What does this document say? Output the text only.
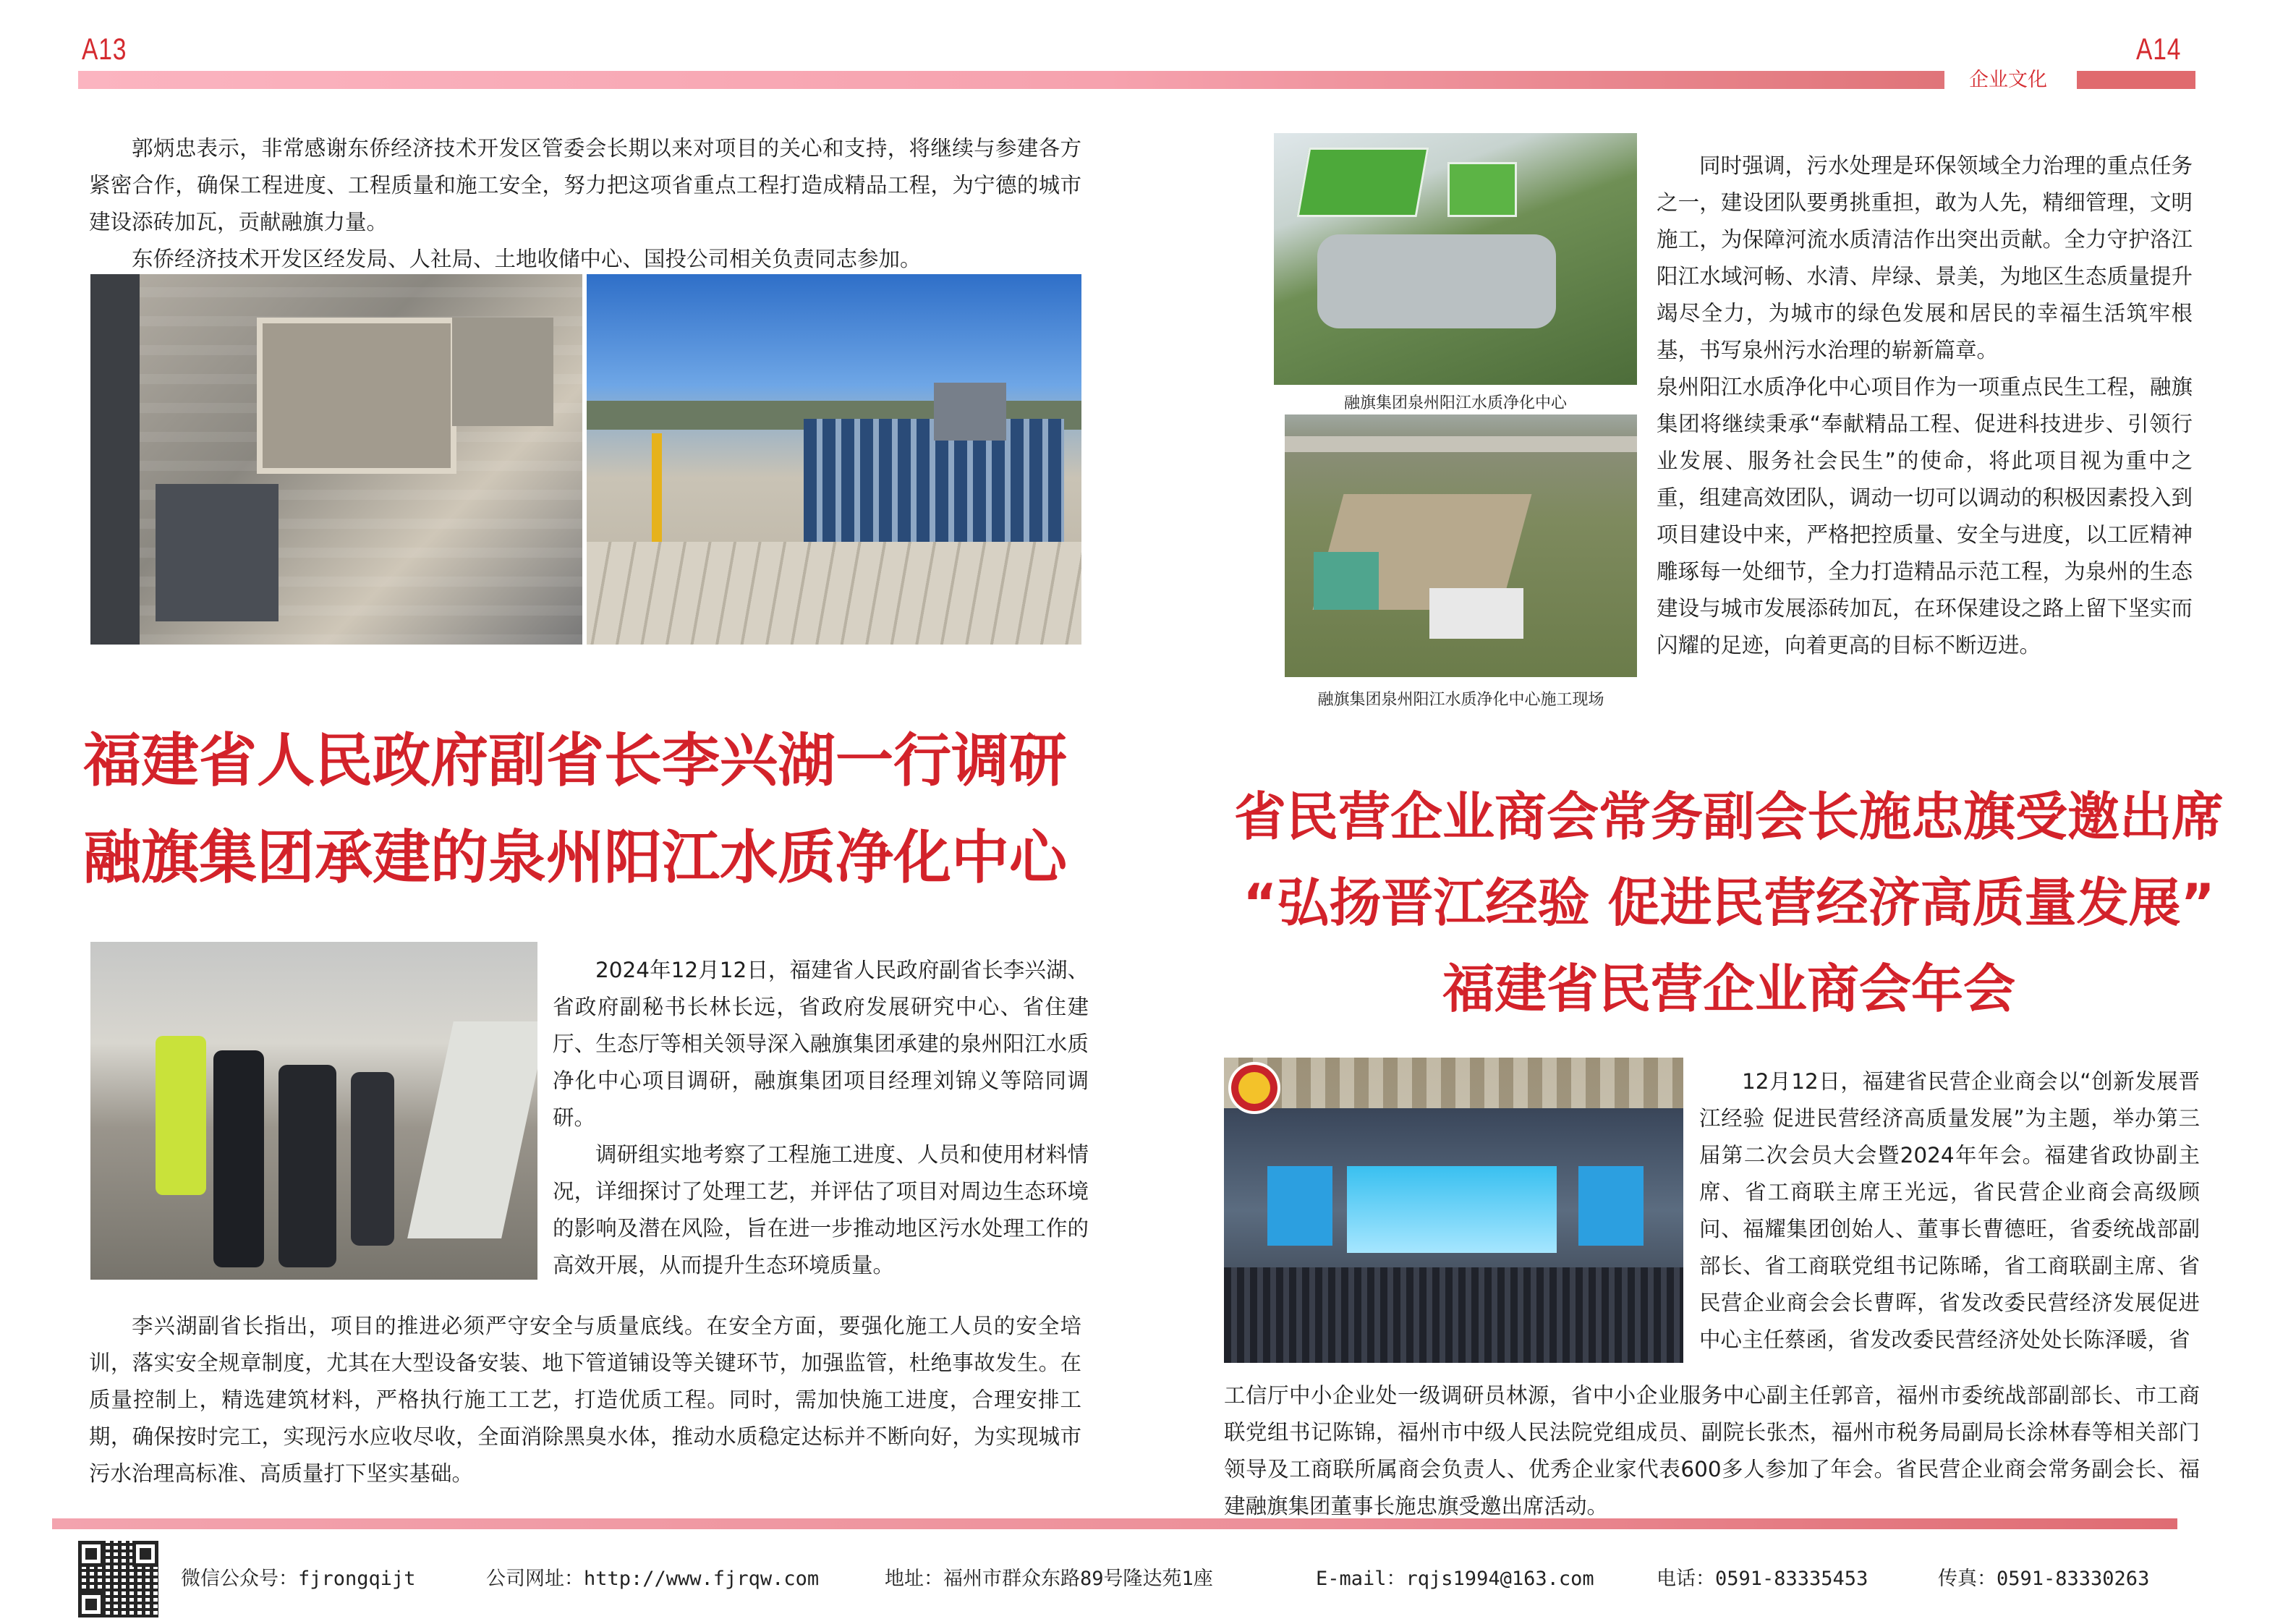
A13	A14
企业文化

郭炳忠表示，非常感谢东侨经济技术开发区管委会长期以来对项目的关心和支持，将继续与参建各方紧密合作，确保工程进度、工程质量和施工安全，努力把这项省重点工程打造成精品工程，为宁德的城市建设添砖加瓦，贡献融旗力量。

东侨经济技术开发区经发局、人社局、土地收储中心、国投公司相关负责同志参加。

福建省人民政府副省长李兴湖一行调研
融旗集团承建的泉州阳江水质净化中心

2024年12月12日，福建省人民政府副省长李兴湖、省政府副秘书长林长远，省政府发展研究中心、省住建厅、生态厅等相关领导深入融旗集团承建的泉州阳江水质净化中心项目调研，融旗集团项目经理刘锦义等陪同调研。

调研组实地考察了工程施工进度、人员和使用材料情况，详细探讨了处理工艺，并评估了项目对周边生态环境的影响及潜在风险，旨在进一步推动地区污水处理工作的高效开展，从而提升生态环境质量。

李兴湖副省长指出，项目的推进必须严守安全与质量底线。在安全方面，要强化施工人员的安全培训，落实安全规章制度，尤其在大型设备安装、地下管道铺设等关键环节，加强监管，杜绝事故发生。在质量控制上，精选建筑材料，严格执行施工工艺，打造优质工程。同时，需加快施工进度，合理安排工期，确保按时完工，实现污水应收尽收，全面消除黑臭水体，推动水质稳定达标并不断向好，为实现城市污水治理高标准、高质量打下坚实基础。

融旗集团泉州阳江水质净化中心
融旗集团泉州阳江水质净化中心施工现场

同时强调，污水处理是环保领域全力治理的重点任务之一，建设团队要勇挑重担，敢为人先，精细管理，文明施工，为保障河流水质清洁作出突出贡献。全力守护洛江阳江水域河畅、水清、岸绿、景美，为地区生态质量提升竭尽全力，为城市的绿色发展和居民的幸福生活筑牢根基，书写泉州污水治理的崭新篇章。

泉州阳江水质净化中心项目作为一项重点民生工程，融旗集团将继续秉承“奉献精品工程、促进科技进步、引领行业发展、服务社会民生”的使命，将此项目视为重中之重，组建高效团队，调动一切可以调动的积极因素投入到项目建设中来，严格把控质量、安全与进度，以工匠精神雕琢每一处细节，全力打造精品示范工程，为泉州的生态建设与城市发展添砖加瓦，在环保建设之路上留下坚实而闪耀的足迹，向着更高的目标不断迈进。

省民营企业商会常务副会长施忠旗受邀出席
“弘扬晋江经验 促进民营经济高质量发展”
福建省民营企业商会年会

12月12日，福建省民营企业商会以“创新发展晋江经验 促进民营经济高质量发展”为主题，举办第三届第二次会员大会暨2024年年会。福建省政协副主席、省工商联主席王光远，省民营企业商会高级顾问、福耀集团创始人、董事长曹德旺，省委统战部副部长、省工商联党组书记陈晞，省工商联副主席、省民营企业商会会长曹晖，省发改委民营经济发展促进中心主任蔡函，省发改委民营经济处处长陈泽暖，省

工信厅中小企业处一级调研员林源，省中小企业服务中心副主任郭音，福州市委统战部副部长、市工商联党组书记陈锦，福州市中级人民法院党组成员、副院长张杰，福州市税务局副局长涂林春等相关部门领导及工商联所属商会负责人、优秀企业家代表600多人参加了年会。省民营企业商会常务副会长、福建融旗集团董事长施忠旗受邀出席活动。

微信公众号：fjrongqijt	公司网址：http://www.fjrqw.com	地址：福州市群众东路89号隆达苑1座	E-mail：rqjs1994@163.com	电话：0591-83335453	传真：0591-83330263
